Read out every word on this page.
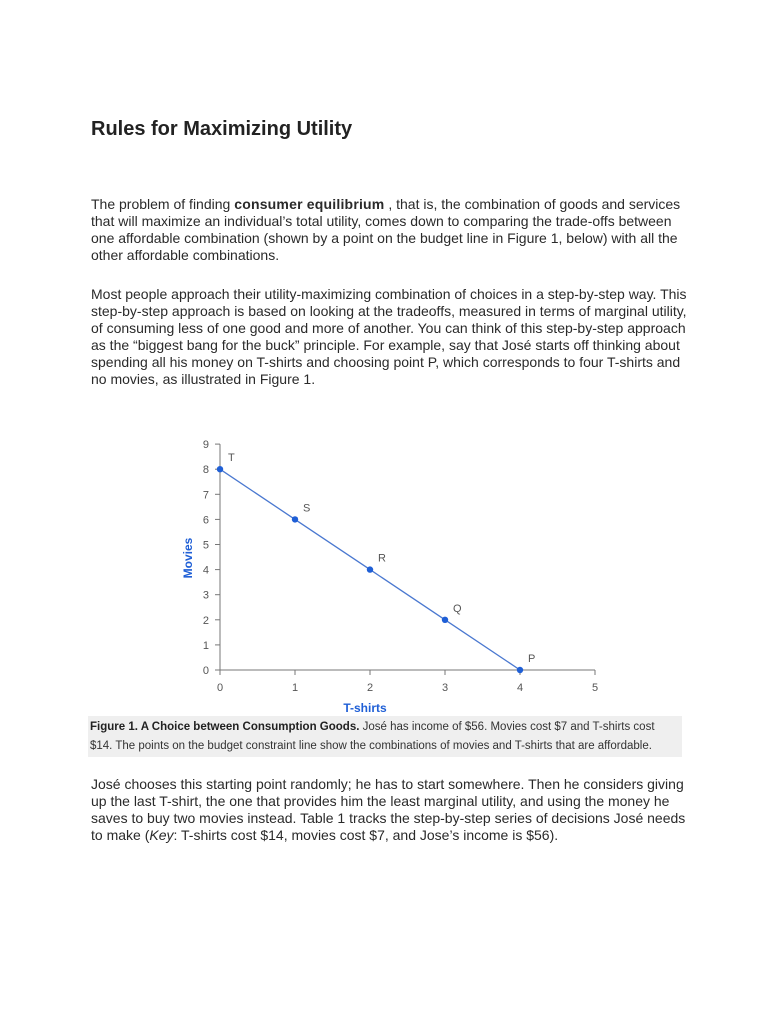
Rules for Maximizing Utility

The problem of finding consumer equilibrium , that is, the combination of goods and services that will maximize an individual’s total utility, comes down to comparing the trade-offs between one affordable combination (shown by a point on the budget line in Figure 1, below) with all the other affordable combinations.

Most people approach their utility-maximizing combination of choices in a step-by-step way. This step-by-step approach is based on looking at the tradeoffs, measured in terms of marginal utility, of consuming less of one good and more of another. You can think of this step-by-step approach as the “biggest bang for the buck” principle. For example, say that José starts off thinking about spending all his money on T-shirts and choosing point P, which corresponds to four T-shirts and no movies, as illustrated in Figure 1.

0	1	2	3	4	5
0
1
2
3
4
5
6
7
8
9
T
S
R
Q
P
T-shirts
Movies

Figure 1. A Choice between Consumption Goods. José has income of $56. Movies cost $7 and T-shirts cost $14. The points on the budget constraint line show the combinations of movies and T-shirts that are affordable.

José chooses this starting point randomly; he has to start somewhere. Then he considers giving up the last T-shirt, the one that provides him the least marginal utility, and using the money he saves to buy two movies instead. Table 1 tracks the step-by-step series of decisions José needs to make (Key: T-shirts cost $14, movies cost $7, and Jose’s income is $56).
